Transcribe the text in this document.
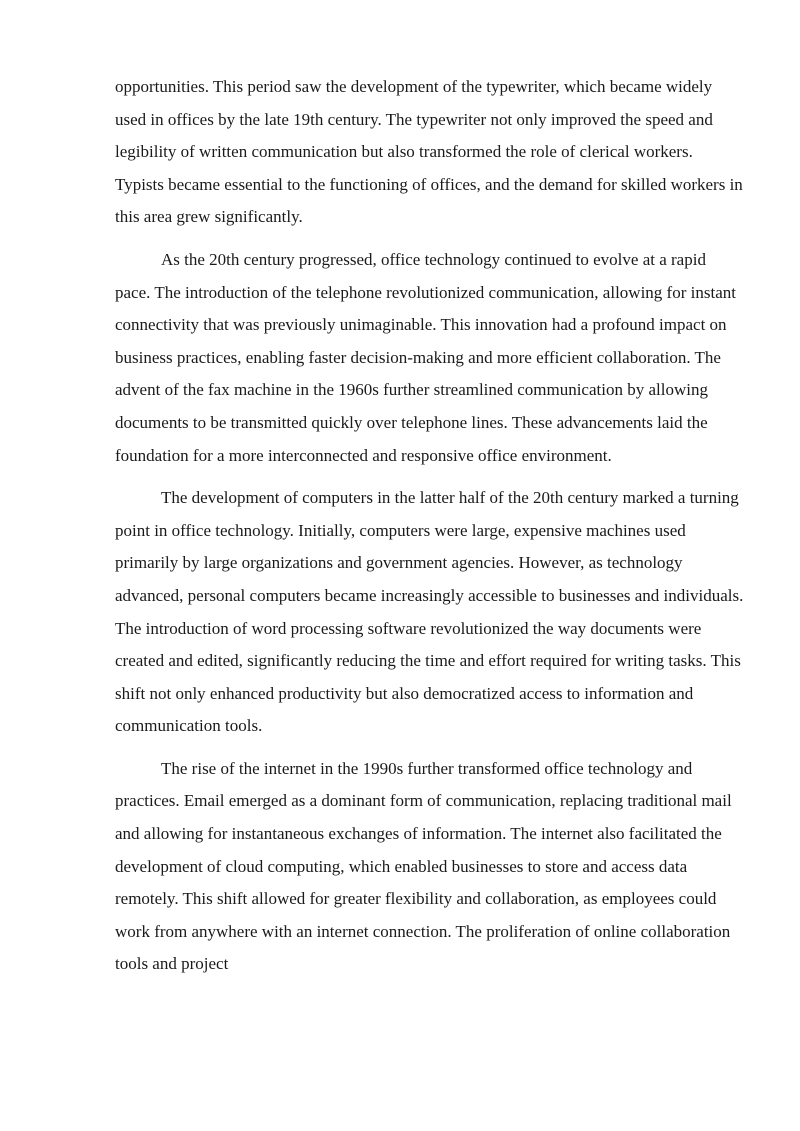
opportunities. This period saw the development of the typewriter, which became widely used in offices by the late 19th century. The typewriter not only improved the speed and legibility of written communication but also transformed the role of clerical workers. Typists became essential to the functioning of offices, and the demand for skilled workers in this area grew significantly.

As the 20th century progressed, office technology continued to evolve at a rapid pace. The introduction of the telephone revolutionized communication, allowing for instant connectivity that was previously unimaginable. This innovation had a profound impact on business practices, enabling faster decision-making and more efficient collaboration. The advent of the fax machine in the 1960s further streamlined communication by allowing documents to be transmitted quickly over telephone lines. These advancements laid the foundation for a more interconnected and responsive office environment.

The development of computers in the latter half of the 20th century marked a turning point in office technology. Initially, computers were large, expensive machines used primarily by large organizations and government agencies. However, as technology advanced, personal computers became increasingly accessible to businesses and individuals. The introduction of word processing software revolutionized the way documents were created and edited, significantly reducing the time and effort required for writing tasks. This shift not only enhanced productivity but also democratized access to information and communication tools.

The rise of the internet in the 1990s further transformed office technology and practices. Email emerged as a dominant form of communication, replacing traditional mail and allowing for instantaneous exchanges of information. The internet also facilitated the development of cloud computing, which enabled businesses to store and access data remotely. This shift allowed for greater flexibility and collaboration, as employees could work from anywhere with an internet connection. The proliferation of online collaboration tools and project
